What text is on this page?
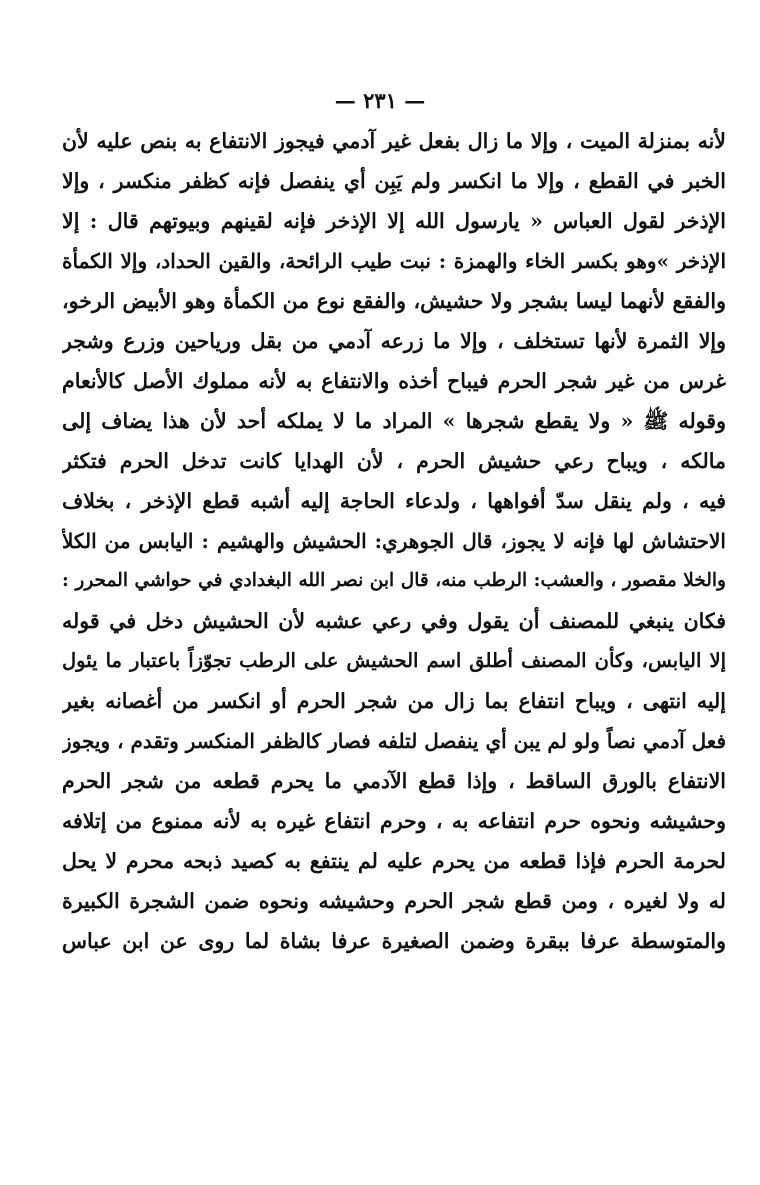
— ٢٣١ —
لأنه بمنزلة الميت ، وإلا ما زال بفعل غير آدمي فيجوز الانتفاع به بنص عليه لأن
الخبر في القطع ، وإلا ما انكسر ولم يَبِن أي ينفصل فإنه كظفر منكسر ، وإلا
الإذخر لقول العباس « يارسول الله إلا الإذخر فإنه لقينهم وبيوتهم قال : إلا
الإذخر »وهو بكسر الخاء والهمزة : نبت طيب الرائحة، والقين الحداد، وإلا الكمأة
والفقع لأنهما ليسا بشجر ولا حشيش، والفقع نوع من الكمأة وهو الأبيض الرخو،
وإلا الثمرة لأنها تستخلف ، وإلا ما زرعه آدمي من بقل ورياحين وزرع وشجر
غرس من غير شجر الحرم فيباح أخذه والانتفاع به لأنه مملوك الأصل كالأنعام
وقوله ﷺ « ولا يقطع شجرها » المراد ما لا يملكه أحد لأن هذا يضاف إلى
مالكه ، ويباح رعي حشيش الحرم ، لأن الهدايا كانت تدخل الحرم فتكثر
فيه ، ولم ينقل سدّ أفواهها ، ولدعاء الحاجة إليه أشبه قطع الإذخر ، بخلاف
الاحتشاش لها فإنه لا يجوز، قال الجوهري: الحشيش والهشيم : اليابس من الكلأ
والخلا مقصور ، والعشب: الرطب منه، قال ابن نصر الله البغدادي في حواشي المحرر :
فكان ينبغي للمصنف أن يقول وفي رعي عشبه لأن الحشيش دخل في قوله
إلا اليابس، وكأن المصنف أطلق اسم الحشيش على الرطب تجوّزاً باعتبار ما يئول
إليه انتهى ، ويباح انتفاع بما زال من شجر الحرم أو انكسر من أغصانه بغير
فعل آدمي نصاً ولو لم يبن أي ينفصل لتلفه فصار كالظفر المنكسر وتقدم ، ويجوز
الانتفاع بالورق الساقط ، وإذا قطع الآدمي ما يحرم قطعه من شجر الحرم
وحشيشه ونحوه حرم انتفاعه به ، وحرم انتفاع غيره به لأنه ممنوع من إتلافه
لحرمة الحرم فإذا قطعه من يحرم عليه لم ينتفع به كصيد ذبحه محرم لا يحل
له ولا لغيره ، ومن قطع شجر الحرم وحشيشه ونحوه ضمن الشجرة الكبيرة
والمتوسطة عرفا ببقرة وضمن الصغيرة عرفا بشاة لما روى عن ابن عباس
